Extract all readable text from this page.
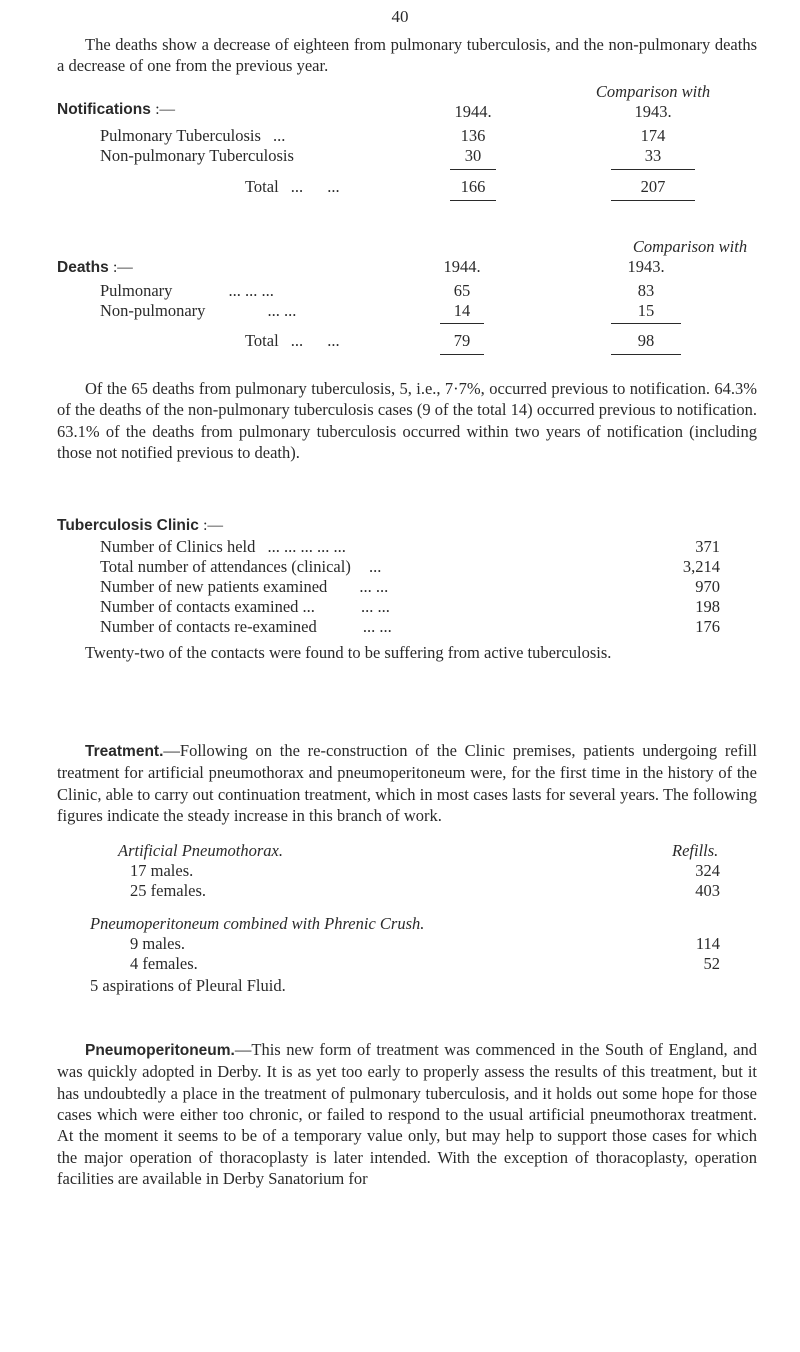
40

The deaths show a decrease of eighteen from pulmonary tuberculosis, and the non-pulmonary deaths a decrease of one from the previous year.

Notifications :—
Comparison with
1944.	1943.
Pulmonary Tuberculosis ...	136	174
Non-pulmonary Tuberculosis	30	33
Total ... ...	166	207
Deaths :—
Comparison with
1944.	1943.
Pulmonary	... ... ...	65	83
Non-pulmonary	... ...	14	15
Total ... ...	79	98

Of the 65 deaths from pulmonary tuberculosis, 5, i.e., 7·7%, occurred previous to notification. 64.3% of the deaths of the non-pulmonary tuberculosis cases (9 of the total 14) occurred previous to notification. 63.1% of the deaths from pulmonary tuberculosis occurred within two years of notification (including those not notified previous to death).

Tuberculosis Clinic :—
Number of Clinics held ... ... ... ... ...	371
Total number of attendances (clinical) ...	3,214
Number of new patients examined ... ...	970
Number of contacts examined ...	... ...	198
Number of contacts re-examined	... ...	176

Twenty-two of the contacts were found to be suffering from active tuberculosis.

Treatment.—Following on the re-construction of the Clinic premises, patients undergoing refill treatment for artificial pneumothorax and pneumoperitoneum were, for the first time in the history of the Clinic, able to carry out continuation treatment, which in most cases lasts for several years. The following figures indicate the steady increase in this branch of work.

Artificial Pneumothorax.	Refills.
17 males.	324
25 females.	403
Pneumoperitoneum combined with Phrenic Crush.
9 males.	114
4 females.	52
5 aspirations of Pleural Fluid.

Pneumoperitoneum.—This new form of treatment was commenced in the South of England, and was quickly adopted in Derby. It is as yet too early to properly assess the results of this treatment, but it has undoubtedly a place in the treatment of pulmonary tuberculosis, and it holds out some hope for those cases which were either too chronic, or failed to respond to the usual artificial pneumothorax treatment. At the moment it seems to be of a temporary value only, but may help to support those cases for which the major operation of thoracoplasty is later intended. With the exception of thoracoplasty, operation facilities are available in Derby Sanatorium for
